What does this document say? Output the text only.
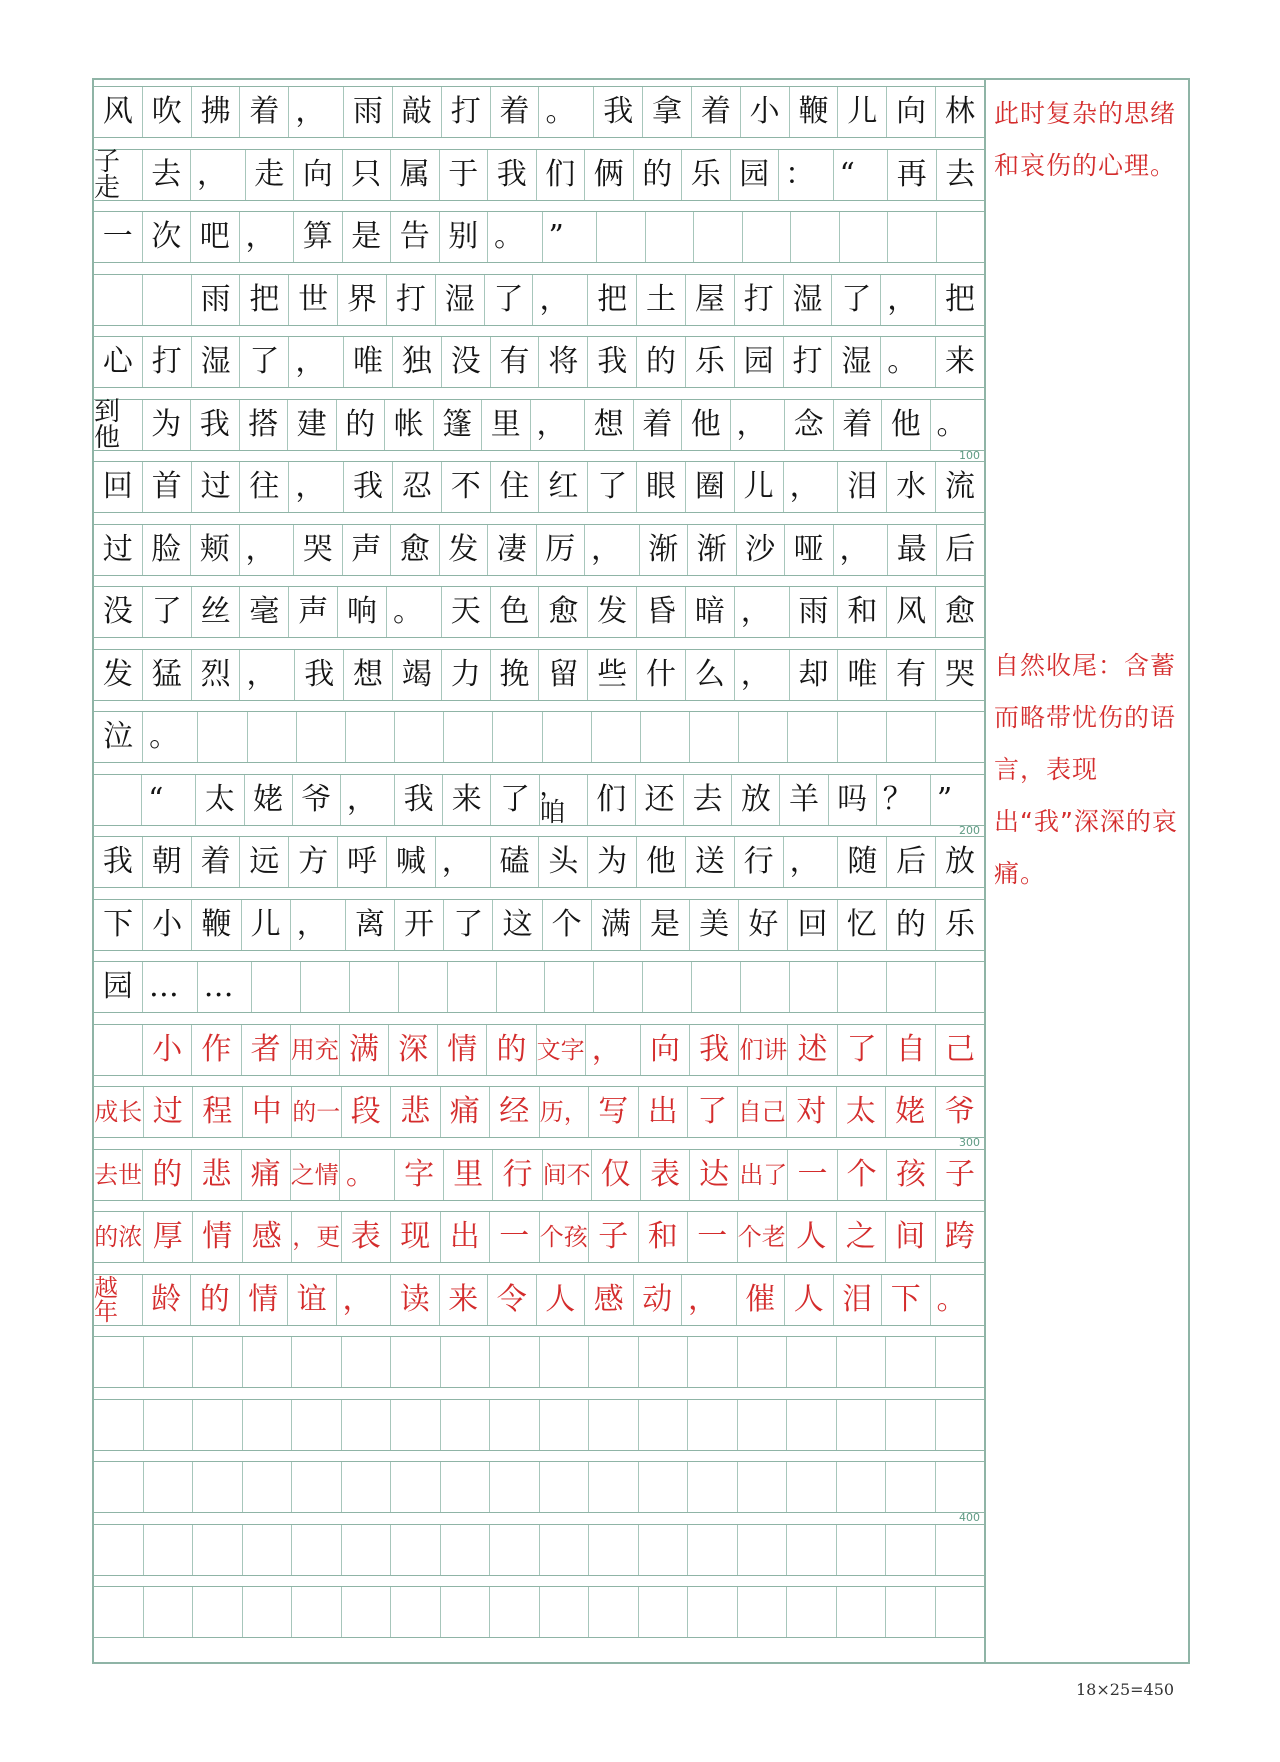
风 吹 拂 着 ， 雨 敲 打 着 。 我 拿 着 小 鞭 儿 向 林
子走	去 ， 走 向 只 属 于 我 们 俩 的 乐 园 ： “	再 去
一 次 吧 ， 算 是 告 别 。 ”
雨 把 世 界 打 湿 了 ， 把 土 屋 打 湿 了 ， 把
心 打 湿 了 ， 唯 独 没 有 将 我 的 乐 园 打 湿 。 来
100
到他	为 我 搭 建 的 帐 篷 里 ， 想 着 他 ， 念 着 他 。
回 首 过 往 ， 我 忍 不 住 红 了 眼 圈 儿 ， 泪 水 流
过 脸 颊 ， 哭 声 愈 发 凄 厉 ， 渐 渐 沙 哑 ， 最 后
没 了 丝 毫 声 响 。 天 色 愈 发 昏 暗 ， 雨 和 风 愈
发 猛 烈 ， 我 想 竭 力 挽 留 些 什 么 ， 却 唯 有 哭
泣 。
200
“	太 姥 爷 ， 我 来 了 ，咱	们 还 去 放 羊 吗 ？ ”
我 朝 着 远 方 呼 喊 ， 磕 头 为 他 送 行 ， 随 后 放
下 小 鞭 儿 ， 离 开 了 这 个 满 是 美 好 回 忆 的 乐
园 … …
小 作 者 用充 满 深 情 的 文字 ， 向 我 们讲 述 了 自 己
300
成长 过 程 中 的一 段 悲 痛 经 历， 写 出 了 自己 对 太 姥 爷
去世 的 悲 痛 之情 。 字 里 行 间不 仅 表 达 出了 一 个 孩 子
的浓 厚 情 感 ，更 表 现 出 一 个孩 子 和 一 个老 人 之 间 跨
越年	龄 的 情 谊 ， 读 来 令 人 感 动 ， 催 人 泪 下 。
400
此时复杂的思绪和哀伤的心理。
自然收尾：含蓄而略带忧伤的语言，表现出“我”深深的哀痛。
18×25=450
